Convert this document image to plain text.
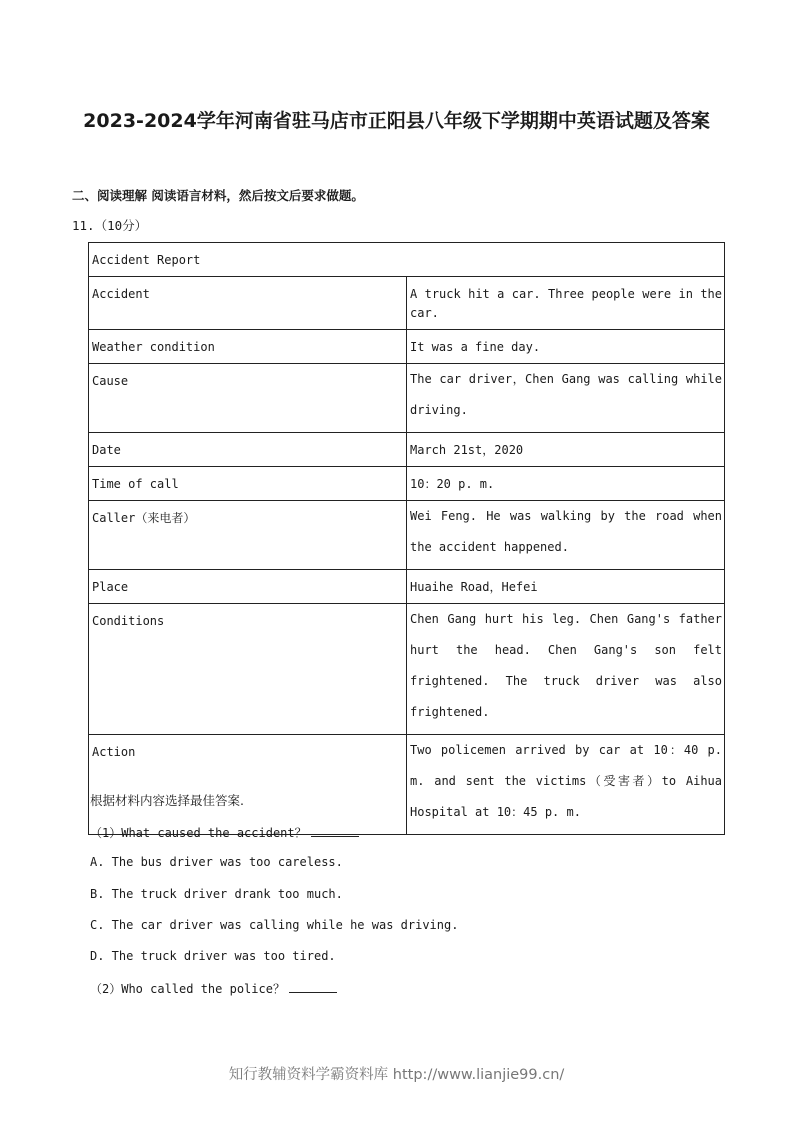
2023-2024学年河南省驻马店市正阳县八年级下学期期中英语试题及答案

二、阅读理解 阅读语言材料，然后按文后要求做题。

11.（10分）

Accident Report	
Accident	A truck hit a car. Three people were in the car.
Weather condition	It was a fine day.
Cause	The car driver，Chen Gang was calling while driving.
Date	March 21st，2020
Time of call	10：20 p. m.
Caller（来电者）	Wei Feng. He was walking by the road when the accident happened.
Place	Huaihe Road，Hefei
Conditions	Chen Gang hurt his leg. Chen Gang's father hurt the head. Chen Gang's son felt frightened. The truck driver was also frightened.
Action	Two policemen arrived by car at 10：40 p. m. and sent the victims（受害者）to Aihua Hospital at 10：45 p. m.

根据材料内容选择最佳答案.

（1）What caused the accident？

A. The bus driver was too careless.

B. The truck driver drank too much.

C. The car driver was calling while he was driving.

D. The truck driver was too tired.

（2）Who called the police？

知行教辅资料学霸资料库 http://www.lianjie99.cn/
